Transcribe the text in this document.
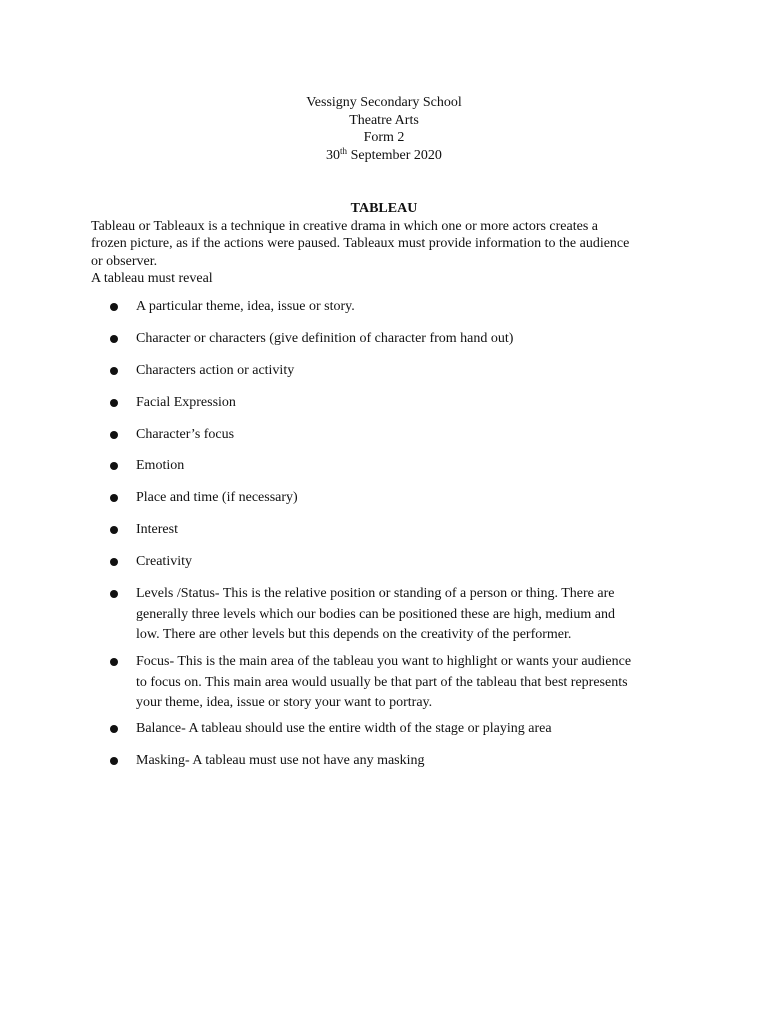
Vessigny Secondary School
Theatre Arts
Form 2
30th September 2020
TABLEAU
Tableau or Tableaux is a technique in creative drama in which one or more actors creates a
frozen picture, as if the actions were paused. Tableaux must provide information to the audience
or observer.
A tableau must reveal
A particular theme, idea, issue or story.
Character or characters (give definition of character from hand out)
Characters action or activity
Facial Expression
Character’s focus
Emotion
Place and time (if necessary)
Interest
Creativity
Levels /Status- This is the relative position or standing of a person or thing. There are
generally three levels which our bodies can be positioned these are high, medium and
low. There are other levels but this depends on the creativity of the performer.
Focus- This is the main area of the tableau you want to highlight or wants your audience
to focus on. This main area would usually be that part of the tableau that best represents
your theme, idea, issue or story your want to portray.
Balance- A tableau should use the entire width of the stage or playing area
Masking- A tableau must use not have any masking
